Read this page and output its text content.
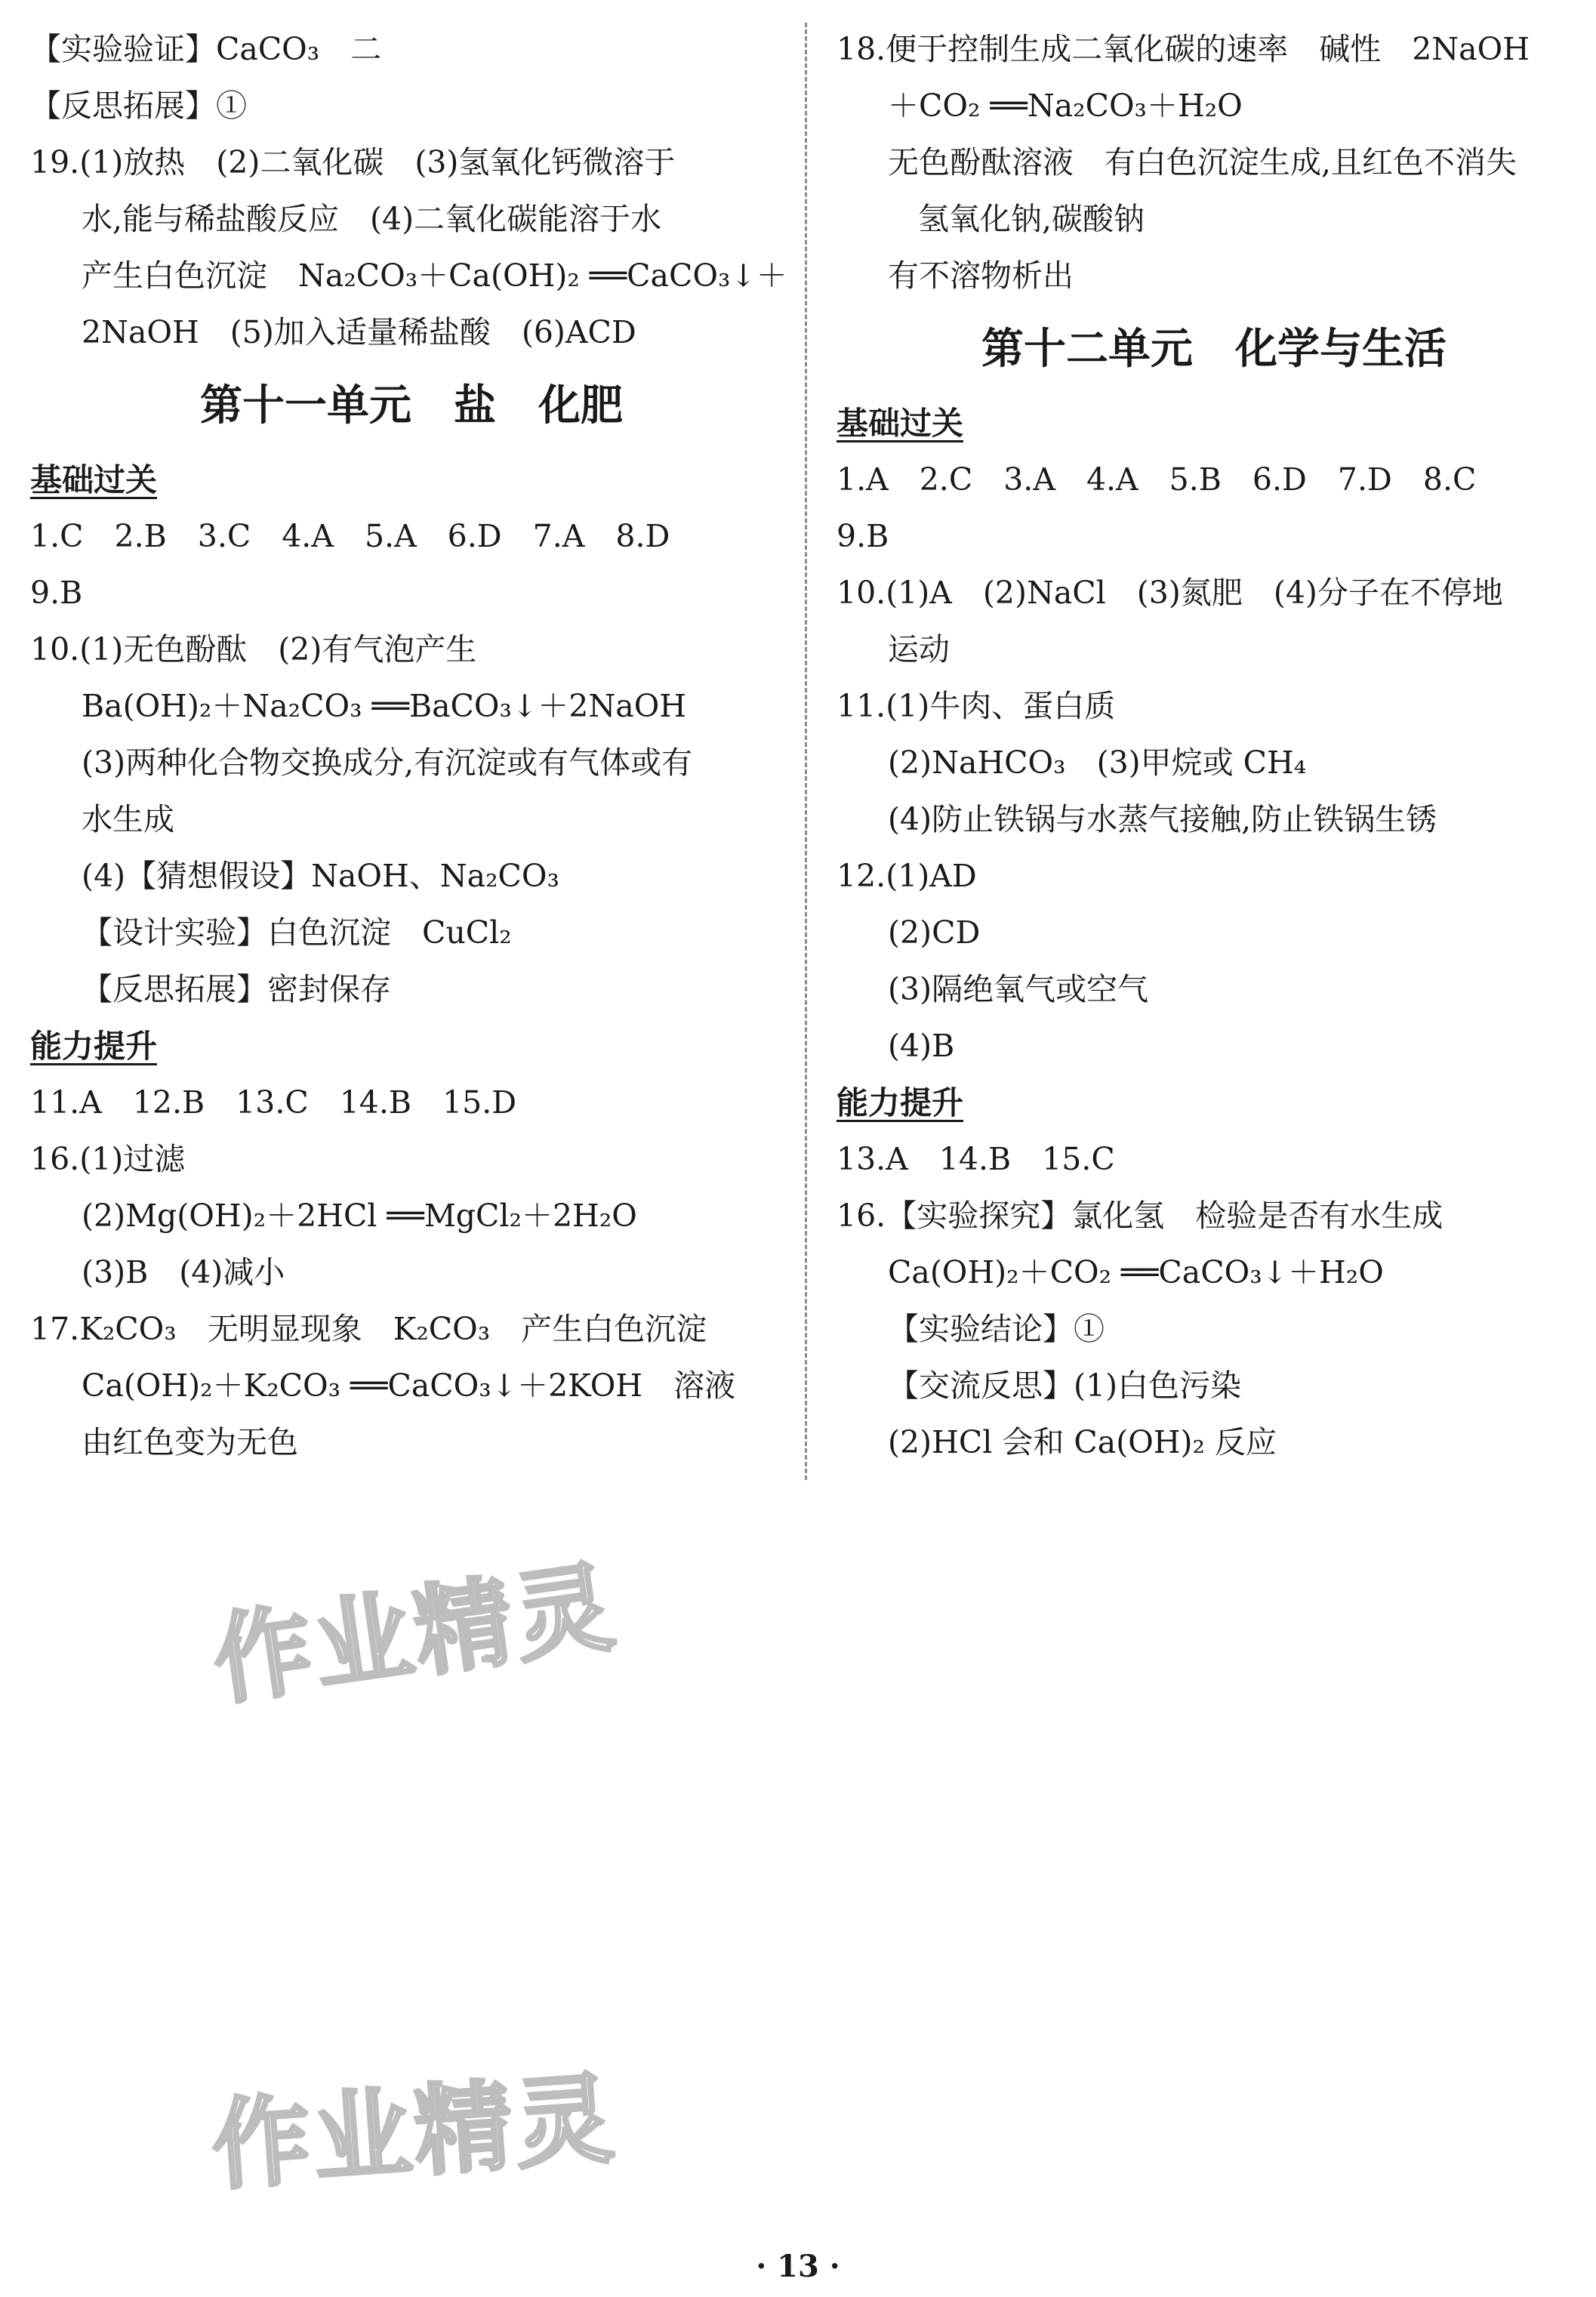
【实验验证】CaCO₃　二
【反思拓展】①
19.(1)放热　(2)二氧化碳　(3)氢氧化钙微溶于
水,能与稀盐酸反应　(4)二氧化碳能溶于水
产生白色沉淀　Na₂CO₃＋Ca(OH)₂ ══CaCO₃↓＋
2NaOH　(5)加入适量稀盐酸　(6)ACD
第十一单元　盐　化肥
基础过关
1.C　2.B　3.C　4.A　5.A　6.D　7.A　8.D
9.B
10.(1)无色酚酞　(2)有气泡产生
Ba(OH)₂＋Na₂CO₃ ══BaCO₃↓＋2NaOH
(3)两种化合物交换成分,有沉淀或有气体或有
水生成
(4)【猜想假设】NaOH、Na₂CO₃
【设计实验】白色沉淀　CuCl₂
【反思拓展】密封保存
能力提升
11.A　12.B　13.C　14.B　15.D
16.(1)过滤
(2)Mg(OH)₂＋2HCl ══MgCl₂＋2H₂O
(3)B　(4)减小
17.K₂CO₃　无明显现象　K₂CO₃　产生白色沉淀
Ca(OH)₂＋K₂CO₃ ══CaCO₃↓＋2KOH　溶液
由红色变为无色
18.便于控制生成二氧化碳的速率　碱性　2NaOH
＋CO₂ ══Na₂CO₃＋H₂O
无色酚酞溶液　有白色沉淀生成,且红色不消失
氢氧化钠,碳酸钠
有不溶物析出
第十二单元　化学与生活
基础过关
1.A　2.C　3.A　4.A　5.B　6.D　7.D　8.C
9.B
10.(1)A　(2)NaCl　(3)氮肥　(4)分子在不停地
运动
11.(1)牛肉、蛋白质
(2)NaHCO₃　(3)甲烷或 CH₄
(4)防止铁锅与水蒸气接触,防止铁锅生锈
12.(1)AD
(2)CD
(3)隔绝氧气或空气
(4)B
能力提升
13.A　14.B　15.C
16.【实验探究】氯化氢　检验是否有水生成
Ca(OH)₂＋CO₂ ══CaCO₃↓＋H₂O
【实验结论】①
【交流反思】(1)白色污染
(2)HCl 会和 Ca(OH)₂ 反应
作业精灵
作业精灵
· 13 ·
